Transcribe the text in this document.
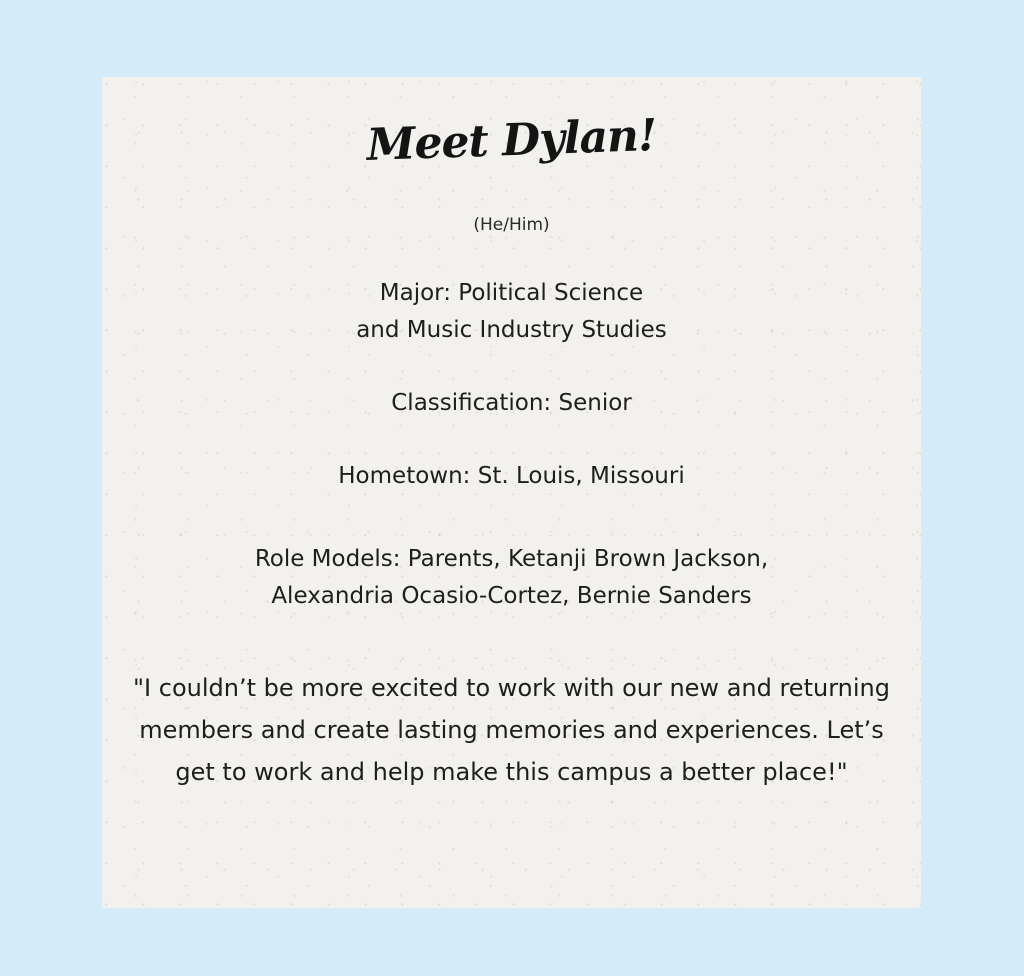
Meet Dylan!
(He/Him)
Major: Political Science
and Music Industry Studies
Classification: Senior
Hometown: St. Louis, Missouri
Role Models: Parents, Ketanji Brown Jackson,
Alexandria Ocasio-Cortez, Bernie Sanders
"I couldn’t be more excited to work with our new and returning members and create lasting memories and experiences. Let’s get to work and help make this campus a better place!"
